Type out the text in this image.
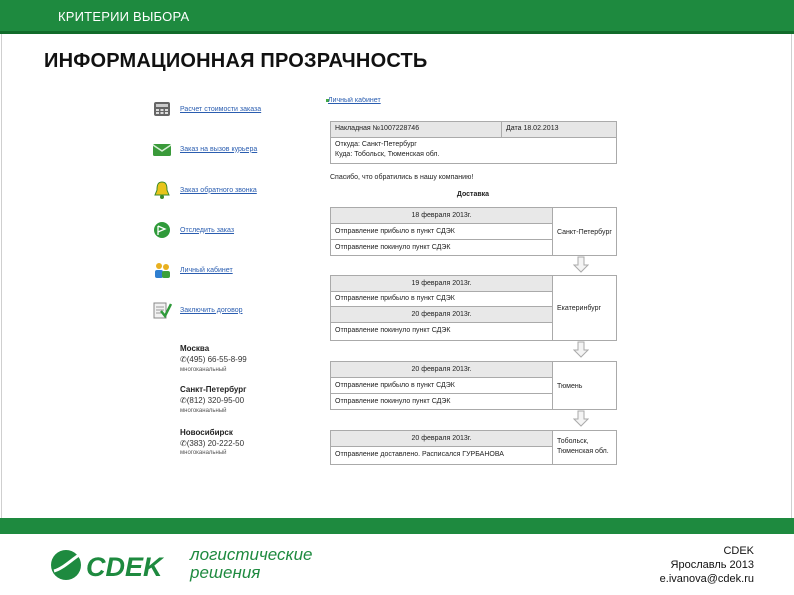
КРИТЕРИИ ВЫБОРА
ИНФОРМАЦИОННАЯ ПРОЗРАЧНОСТЬ
Расчет стоимости заказа
Заказ на вызов курьера
Заказ обратного звонка
Отследить заказ
Личный кабинет
Заключить договор
Москва
✆(495) 66-55-8-99
многоканальный
Санкт-Петербург
✆(812) 320-95-00
многоканальный
Новосибирск
✆(383) 20-222-50
многоканальный
Личный кабинет
Накладная №1007228746	Дата 18.02.2013
Откуда: Санкт-Петербург
Куда: Тобольск, Тюменская обл.
Спасибо, что обратились в нашу компанию!
Доставка
18 февраля 2013г.
Отправление прибыло в пункт СДЭК
Отправление покинуло пункт СДЭК
Санкт-Петербург
19 февраля 2013г.
Отправление прибыло в пункт СДЭК
20 февраля 2013г.
Отправление покинуло пункт СДЭК
Екатеринбург
20 февраля 2013г.
Отправление прибыло в пункт СДЭК
Отправление покинуло пункт СДЭК
Тюмень
20 февраля 2013г.
Отправление доставлено. Расписался ГУРБАНОВА
Тобольск,
Тюменская обл.
CDEK логистические
решения
CDEK
Ярославль 2013
e.ivanova@cdek.ru
